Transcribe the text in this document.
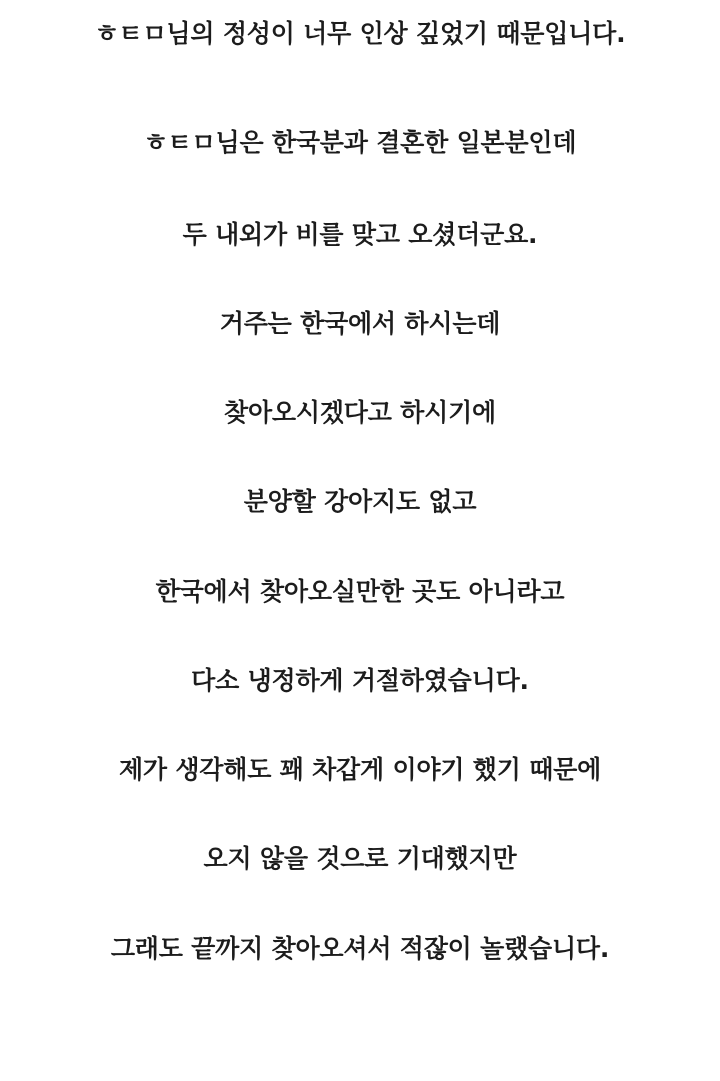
ㅎㅌㅁ님의 정성이 너무 인상 깊었기 때문입니다.
ㅎㅌㅁ님은 한국분과 결혼한 일본분인데
두 내외가 비를 맞고 오셨더군요.
거주는 한국에서 하시는데
찾아오시겠다고 하시기에
분양할 강아지도 없고
한국에서 찾아오실만한 곳도 아니라고
다소 냉정하게 거절하였습니다.
제가 생각해도 꽤 차갑게 이야기 했기 때문에
오지 않을 것으로 기대했지만
그래도 끝까지 찾아오셔서 적잖이 놀랬습니다.
